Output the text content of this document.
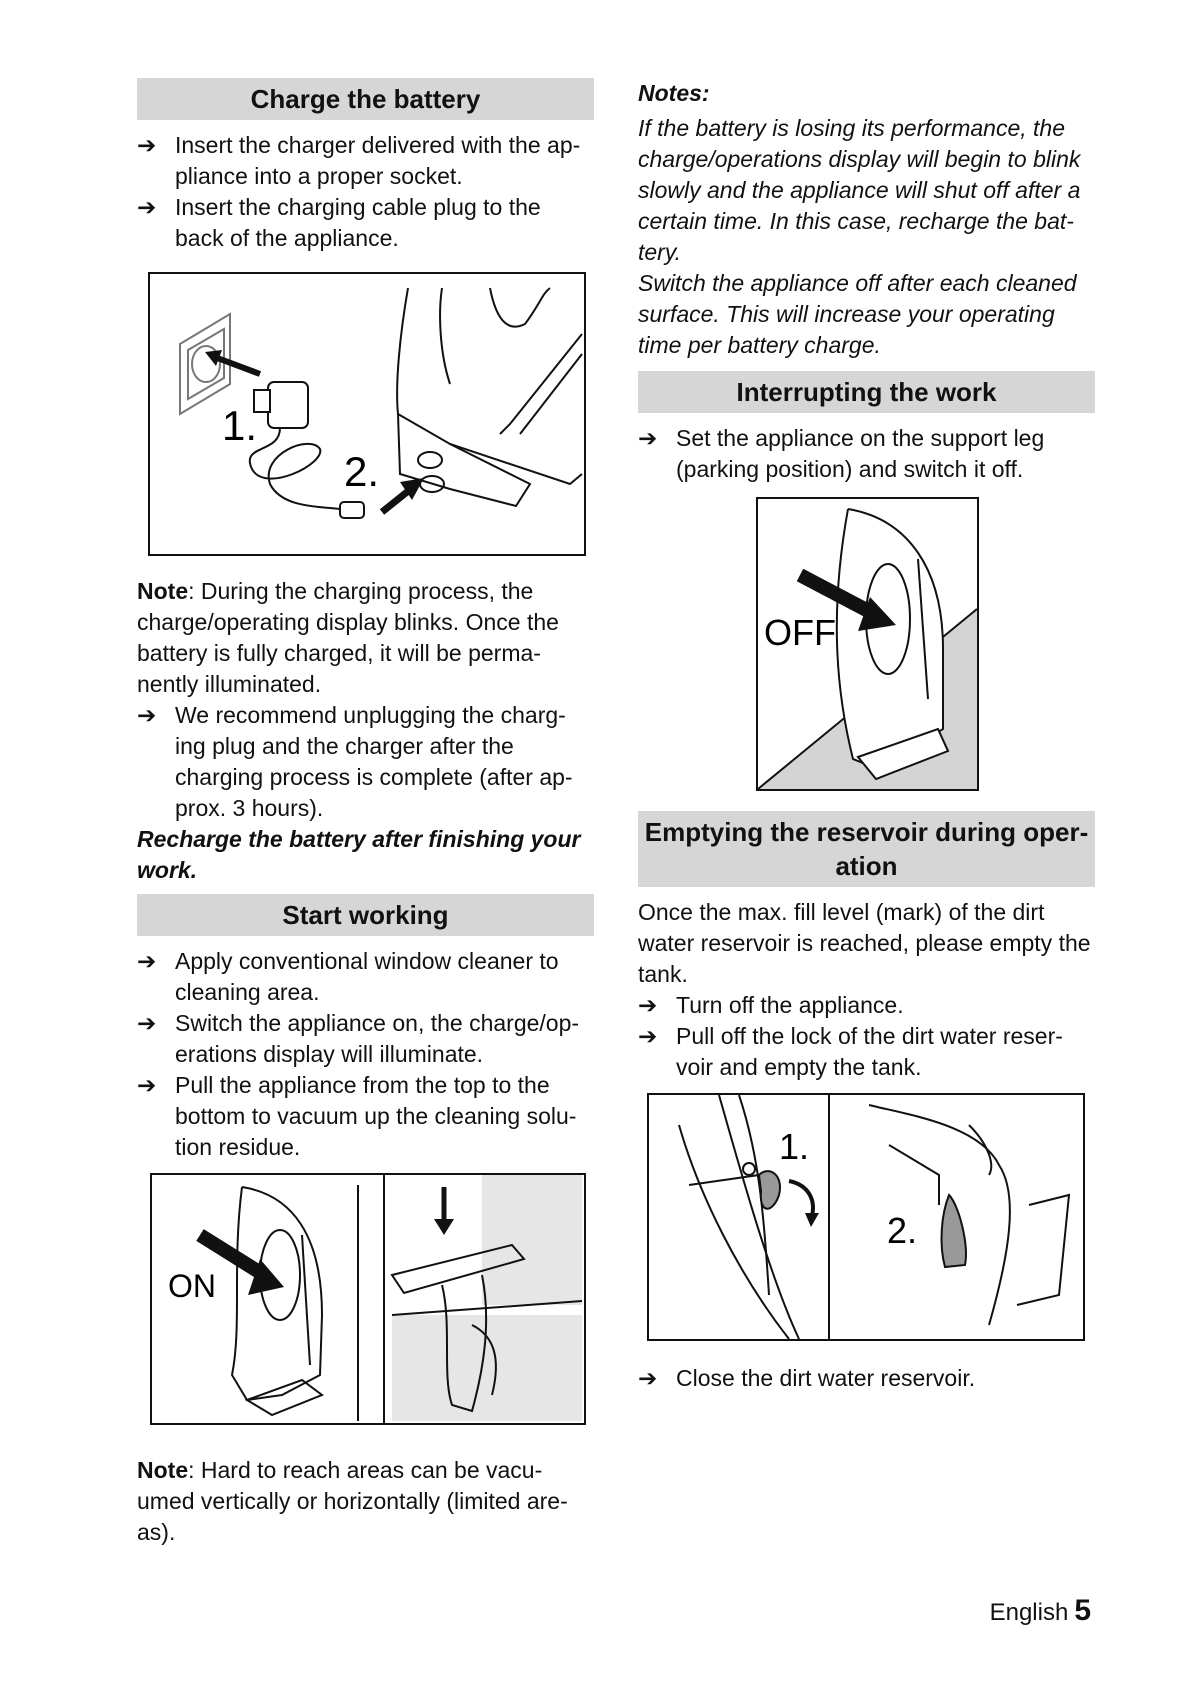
Charge the battery

➔ Insert the charger delivered with the ap-pliance into a proper socket.

➔ Insert the charging cable plug to the back of the appliance.

1.
2.

Note: During the charging process, the charge/operating display blinks. Once the battery is fully charged, it will be perma-nently illuminated.

➔ We recommend unplugging the charg-ing plug and the charger after the charging process is complete (after ap-prox. 3 hours).

Recharge the battery after finishing your work.

Start working

➔ Apply conventional window cleaner to cleaning area.

➔ Switch the appliance on, the charge/op-erations display will illuminate.

➔ Pull the appliance from the top to the bottom to vacuum up the cleaning solu-tion residue.

ON

Note: Hard to reach areas can be vacu-umed vertically or horizontally (limited are-as).

Notes:

If the battery is losing its performance, the charge/operations display will begin to blink slowly and the appliance will shut off after a certain time. In this case, recharge the bat-tery.

Switch the appliance off after each cleaned surface. This will increase your operating time per battery charge.

Interrupting the work

➔ Set the appliance on the support leg (parking position) and switch it off.

OFF
Emptying the reservoir during oper-ation

Once the max. fill level (mark) of the dirt water reservoir is reached, please empty the tank.

➔ Turn off the appliance.

➔ Pull off the lock of the dirt water reser-voir and empty the tank.

1.
2.

➔ Close the dirt water reservoir.

English 5
